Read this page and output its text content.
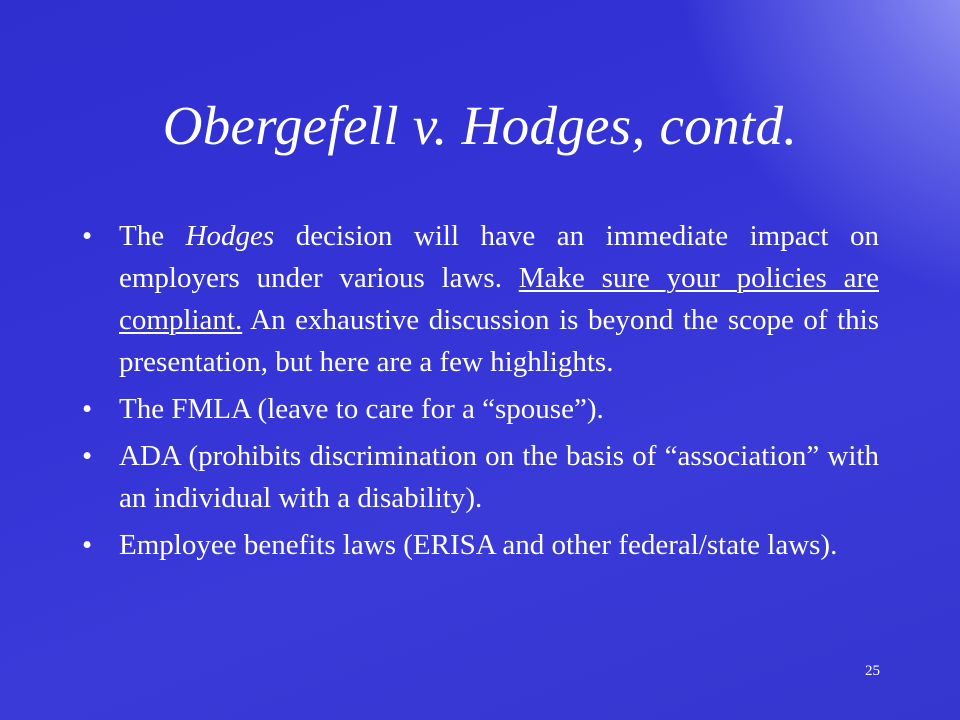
Obergefell v. Hodges, contd.
• The Hodges decision will have an immediate impact on employers under various laws. Make sure your policies are compliant. An exhaustive discussion is beyond the scope of this presentation, but here are a few highlights.
• The FMLA (leave to care for a “spouse”).
• ADA (prohibits discrimination on the basis of “association” with an individual with a disability).
• Employee benefits laws (ERISA and other federal/state laws).
25
